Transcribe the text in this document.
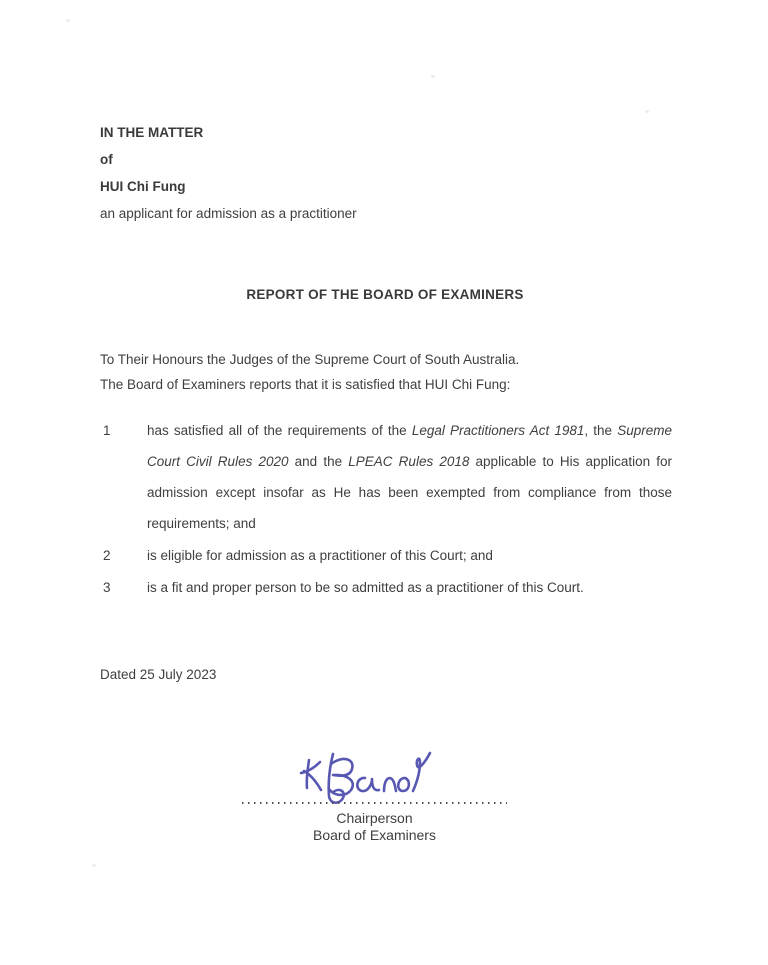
IN THE MATTER
of
HUI Chi Fung
an applicant for admission as a practitioner
REPORT OF THE BOARD OF EXAMINERS
To Their Honours the Judges of the Supreme Court of South Australia.
The Board of Examiners reports that it is satisfied that HUI Chi Fung:
1	has satisfied all of the requirements of the Legal Practitioners Act 1981, the Supreme Court Civil Rules 2020 and the LPEAC Rules 2018 applicable to His application for admission except insofar as He has been exempted from compliance from those requirements; and
2	is eligible for admission as a practitioner of this Court; and
3	is a fit and proper person to be so admitted as a practitioner of this Court.
Dated 25 July 2023
Chairperson
Board of Examiners
